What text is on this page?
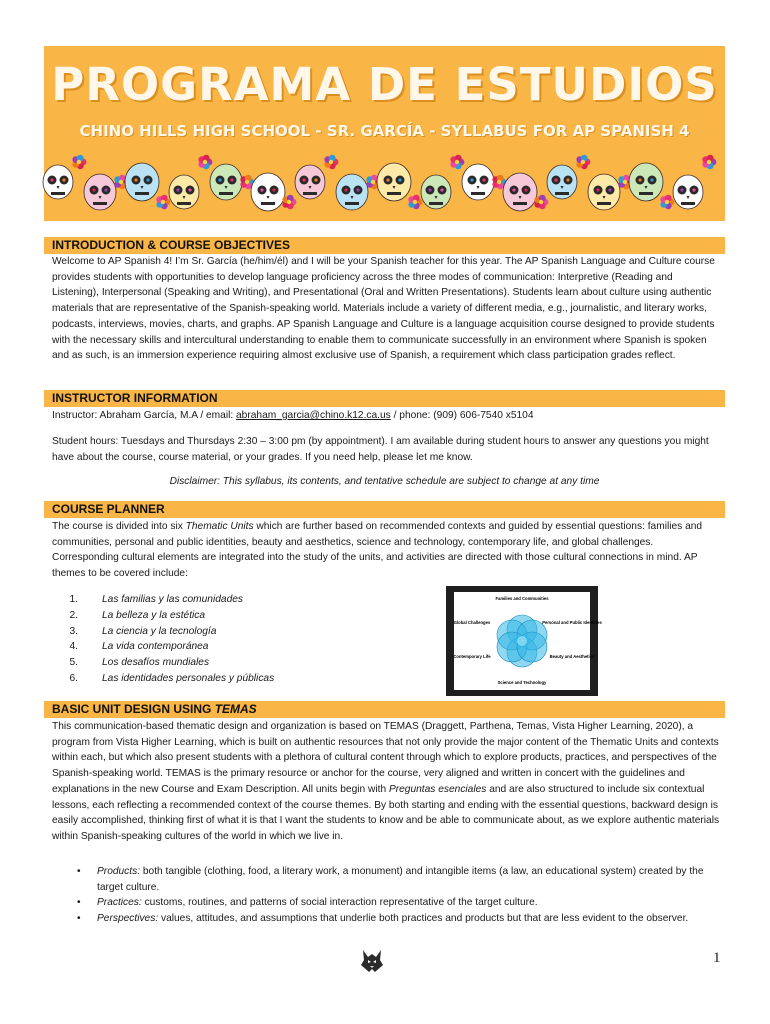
PROGRAMA DE ESTUDIOS
CHINO HILLS HIGH SCHOOL - SR. GARCÍA - SYLLABUS FOR AP SPANISH 4
INTRODUCTION & COURSE OBJECTIVES

Welcome to AP Spanish 4! I’m Sr. García (he/him/él) and I will be your Spanish teacher for this year. The AP Spanish Language and Culture course provides students with opportunities to develop language proficiency across the three modes of communication: Interpretive (Reading and Listening), Interpersonal (Speaking and Writing), and Presentational (Oral and Written Presentations). Students learn about culture using authentic materials that are representative of the Spanish-speaking world. Materials include a variety of different media, e.g., journalistic, and literary works, podcasts, interviews, movies, charts, and graphs. AP Spanish Language and Culture is a language acquisition course designed to provide students with the necessary skills and intercultural understanding to enable them to communicate successfully in an environment where Spanish is spoken and as such, is an immersion experience requiring almost exclusive use of Spanish, a requirement which class participation grades reflect.

INSTRUCTOR INFORMATION
Instructor: Abraham García, M.A / email: abraham_garcia@chino.k12.ca.us / phone: (909) 606-7540 x5104

Student hours: Tuesdays and Thursdays 2:30 – 3:00 pm (by appointment). I am available during student hours to answer any questions you might have about the course, course material, or your grades. If you need help, please let me know.

Disclaimer: This syllabus, its contents, and tentative schedule are subject to change at any time
COURSE PLANNER

The course is divided into six Thematic Units which are further based on recommended contexts and guided by essential questions: families and communities, personal and public identities, beauty and aesthetics, science and technology, contemporary life, and global challenges. Corresponding cultural elements are integrated into the study of the units, and activities are directed with those cultural connections in mind. AP themes to be covered include:

1.	Las familias y las comunidades
2.	La belleza y la estética
3.	La ciencia y la tecnología
4.	La vida contemporánea
5.	Los desafíos mundiales
6.	Las identidades personales y públicas
Families and Communities
Global Challenges	Personal and Public Identities
Contemporary Life	Beauty and Aesthetics
Science and Technology
BASIC UNIT DESIGN USING TEMAS

This communication-based thematic design and organization is based on TEMAS (Draggett, Parthena, Temas, Vista Higher Learning, 2020), a program from Vista Higher Learning, which is built on authentic resources that not only provide the major content of the Thematic Units and contexts within each, but which also present students with a plethora of cultural content through which to explore products, practices, and perspectives of the Spanish-speaking world. TEMAS is the primary resource or anchor for the course, very aligned and written in concert with the guidelines and explanations in the new Course and Exam Description. All units begin with Preguntas esenciales and are also structured to include six contextual lessons, each reflecting a recommended context of the course themes. By both starting and ending with the essential questions, backward design is easily accomplished, thinking first of what it is that I want the students to know and be able to communicate about, as we explore authentic materials within Spanish-speaking cultures of the world in which we live in.

• Products: both tangible (clothing, food, a literary work, a monument) and intangible items (a law, an educational system) created by the target culture.
• Practices: customs, routines, and patterns of social interaction representative of the target culture.
• Perspectives: values, attitudes, and assumptions that underlie both practices and products but that are less evident to the observer.
1
